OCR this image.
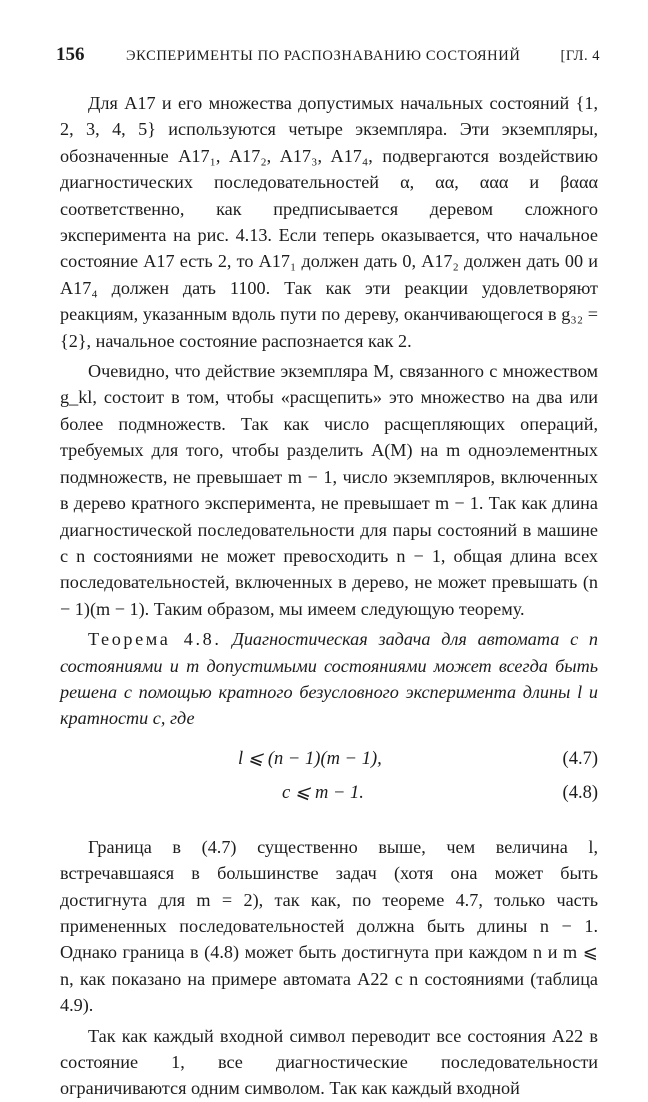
156	ЭКСПЕРИМЕНТЫ ПО РАСПОЗНАВАНИЮ СОСТОЯНИЙ	[ГЛ. 4

Для A17 и его множества допустимых начальных состояний {1, 2, 3, 4, 5} используются четыре экземпляра. Эти экземпляры, обозначенные A17₁, A17₂, A17₃, A17₄, подвергаются воздействию диагностических последовательностей α, αα, ααα и βααα соответственно, как предписывается деревом сложного эксперимента на рис. 4.13. Если теперь оказывается, что начальное состояние A17 есть 2, то A17₁ должен дать 0, A17₂ должен дать 00 и A17₄ должен дать 1100. Так как эти реакции удовлетворяют реакциям, указанным вдоль пути по дереву, оканчивающегося в g₃₂ = {2}, начальное состояние распознается как 2.

Очевидно, что действие экземпляра M, связанного с множеством g_kl, состоит в том, чтобы «расщепить» это множество на два или более подмножеств. Так как число расщепляющих операций, требуемых для того, чтобы разделить A(M) на m одноэлементных подмножеств, не превышает m − 1, число экземпляров, включенных в дерево кратного эксперимента, не превышает m − 1. Так как длина диагностической последовательности для пары состояний в машине с n состояниями не может превосходить n − 1, общая длина всех последовательностей, включенных в дерево, не может превышать (n − 1)(m − 1). Таким образом, мы имеем следующую теорему.

Теорема 4.8. Диагностическая задача для автомата с n состояниями и m допустимыми состояниями может всегда быть решена с помощью кратного безусловного эксперимента длины l и кратности c, где

l ⩽ (n − 1)(m − 1),	(4.7)
c ⩽ m − 1.	(4.8)

Граница в (4.7) существенно выше, чем величина l, встречавшаяся в большинстве задач (хотя она может быть достигнута для m = 2), так как, по теореме 4.7, только часть примененных последовательностей должна быть длины n − 1. Однако граница в (4.8) может быть достигнута при каждом n и m ⩽ n, как показано на примере автомата A22 с n состояниями (таблица 4.9).

Так как каждый входной символ переводит все состояния A22 в состояние 1, все диагностические последовательности ограничиваются одним символом. Так как каждый входной
